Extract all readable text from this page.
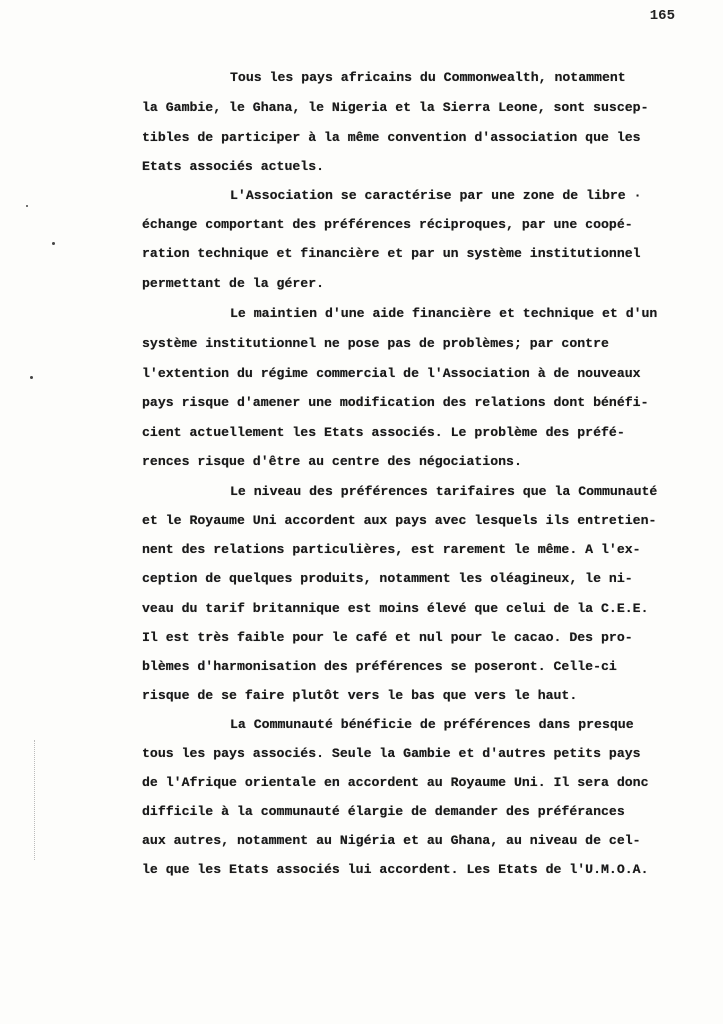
165
Tous les pays africains du Commonwealth, notamment
la Gambie, le Ghana, le Nigeria et la Sierra Leone, sont suscep-
tibles de participer à la même convention d'association que les
Etats associés actuels.
L'Association se caractérise par une zone de libre ·
échange comportant des préférences réciproques, par une coopé-
ration technique et financière et par un système institutionnel
permettant de la gérer.
Le maintien d'une aide financière et technique et d'un
système institutionnel ne pose pas de problèmes; par contre
l'extention du régime commercial de l'Association à de nouveaux
pays risque d'amener une modification des relations dont bénéfi-
cient actuellement les Etats associés. Le problème des préfé-
rences risque d'être au centre des négociations.
Le niveau des préférences tarifaires que la Communauté
et le Royaume Uni accordent aux pays avec lesquels ils entretien-
nent des relations particulières, est rarement le même. A l'ex-
ception de quelques produits, notamment les oléagineux, le ni-
veau du tarif britannique est moins élevé que celui de la C.E.E.
Il est très faible pour le café et nul pour le cacao. Des pro-
blèmes d'harmonisation des préférences se poseront. Celle-ci
risque de se faire plutôt vers le bas que vers le haut.
La Communauté bénéficie de préférences dans presque
tous les pays associés. Seule la Gambie et d'autres petits pays
de l'Afrique orientale en accordent au Royaume Uni. Il sera donc
difficile à la communauté élargie de demander des préférances
aux autres, notamment au Nigéria et au Ghana, au niveau de cel-
le que les Etats associés lui accordent. Les Etats de l'U.M.O.A.
